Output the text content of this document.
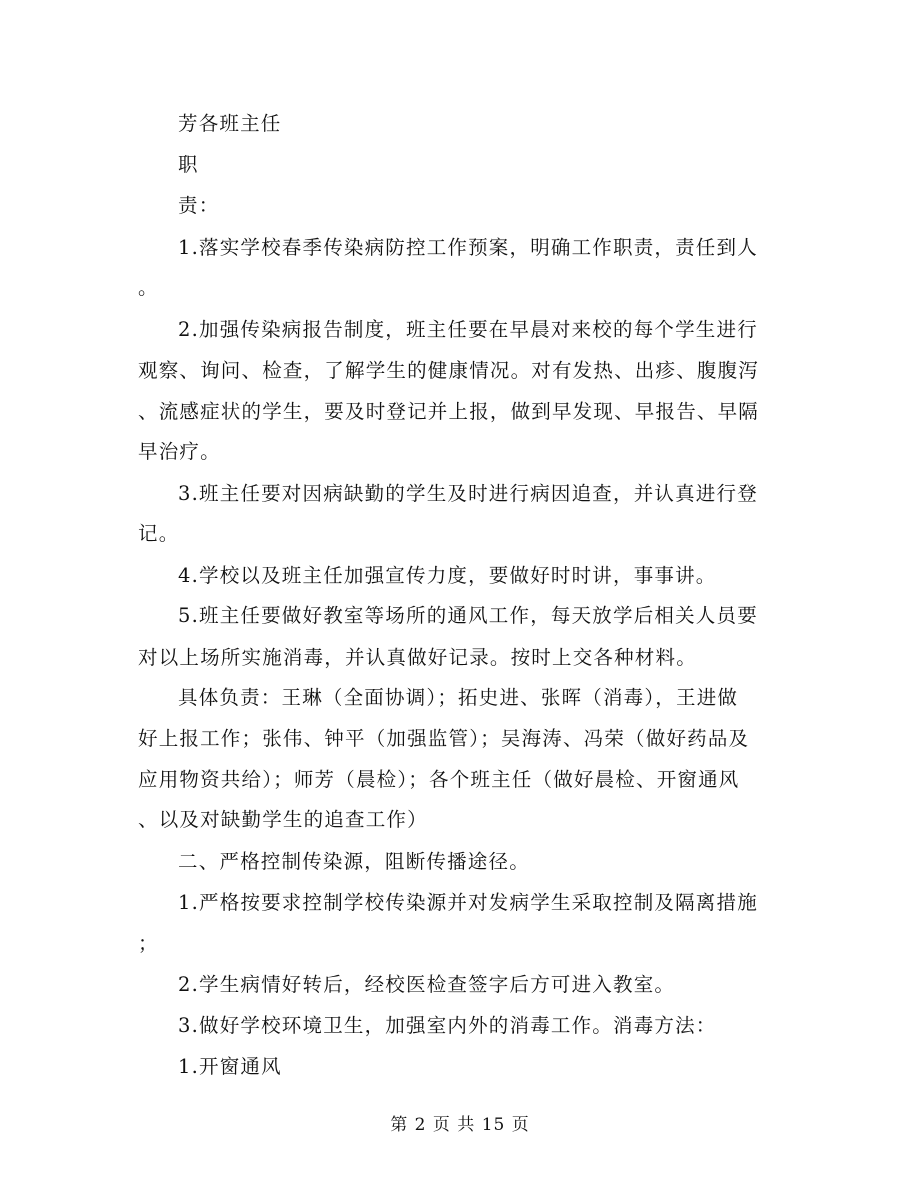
芳各班主任
职
责：
1.落实学校春季传染病防控工作预案，明确工作职责，责任到人
。
2.加强传染病报告制度，班主任要在早晨对来校的每个学生进行
观察、询问、检查，了解学生的健康情况。对有发热、出疹、腹腹泻
、流感症状的学生，要及时登记并上报，做到早发现、早报告、早隔
早治疗。
3.班主任要对因病缺勤的学生及时进行病因追查，并认真进行登
记。
4.学校以及班主任加强宣传力度，要做好时时讲，事事讲。
5.班主任要做好教室等场所的通风工作，每天放学后相关人员要
对以上场所实施消毒，并认真做好记录。按时上交各种材料。
具体负责：王琳（全面协调）；拓史进、张晖（消毒），王进做
好上报工作；张伟、钟平（加强监管）；吴海涛、冯荣（做好药品及
应用物资共给）；师芳（晨检）；各个班主任（做好晨检、开窗通风
、以及对缺勤学生的追查工作）
二、严格控制传染源，阻断传播途径。
1.严格按要求控制学校传染源并对发病学生采取控制及隔离措施
；
2.学生病情好转后，经校医检查签字后方可进入教室。
3.做好学校环境卫生，加强室内外的消毒工作。消毒方法：
1.开窗通风
第 2 页 共 15 页
